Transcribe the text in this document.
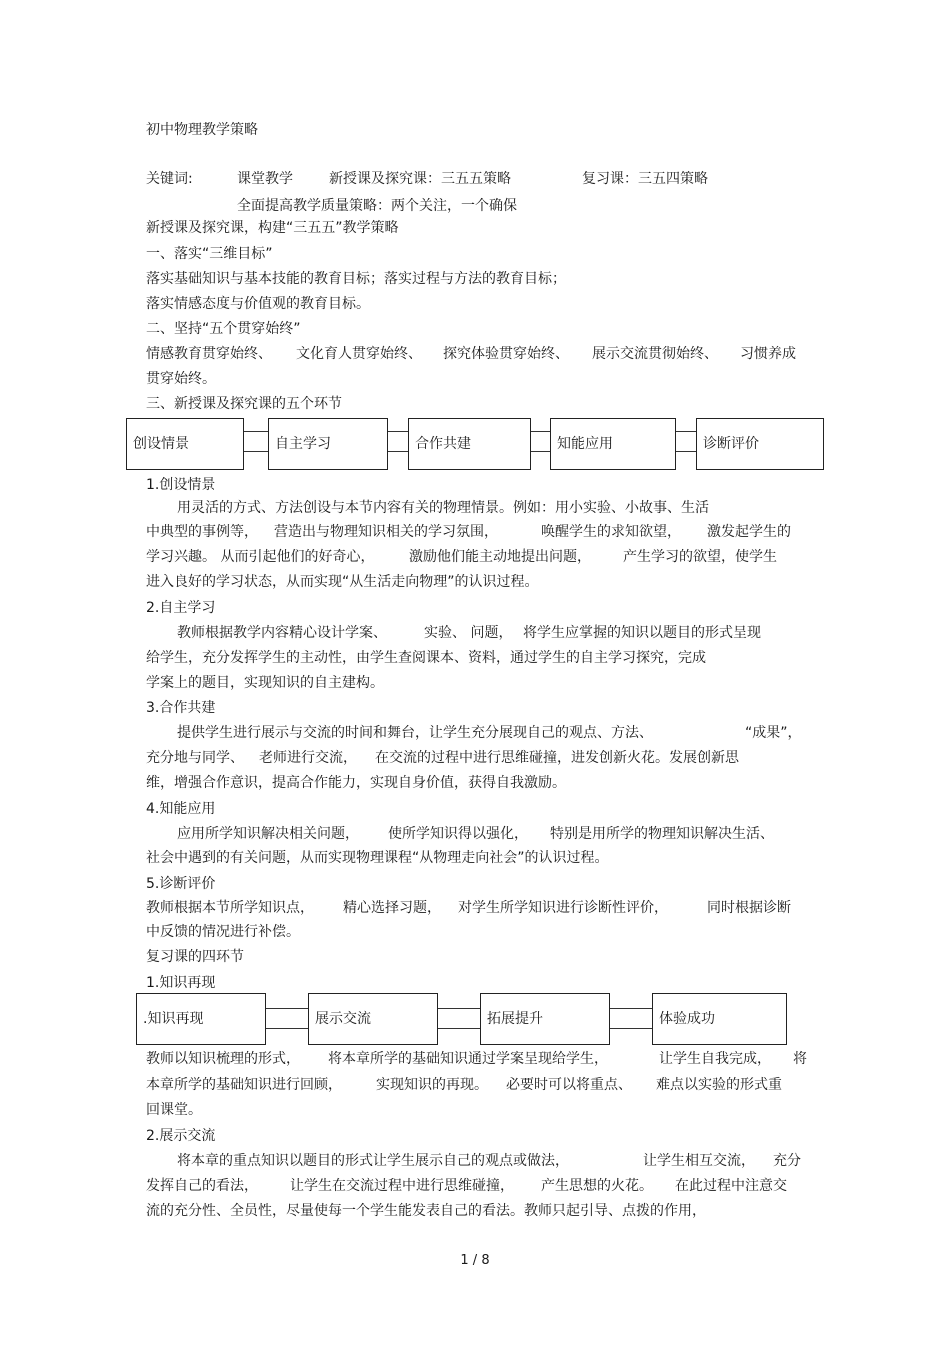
初中物理教学策略
关键词:	课堂教学	新授课及探究课：三五五策略	复习课：三五四策略
全面提高教学质量策略：两个关注，一个确保
新授课及探究课，构建“三五五”教学策略
一、落实“三维目标”
落实基础知识与基本技能的教育目标；落实过程与方法的教育目标；
落实情感态度与价值观的教育目标。
二、坚持“五个贯穿始终”
情感教育贯穿始终、 文化育人贯穿始终、 探究体验贯穿始终、 展示交流贯彻始终、 习惯养成
贯穿始终。
三、新授课及探究课的五个环节
创设情景	自主学习	合作共建	知能应用	诊断评价
1.创设情景
用灵活的方式、方法创设与本节内容有关的物理情景。例如：用小实验、小故事、生活
中典型的事例等， 营造出与物理知识相关的学习氛围，	唤醒学生的求知欲望， 激发起学生的
学习兴趣。 从而引起他们的好奇心， 激励他们能主动地提出问题， 产生学习的欲望，使学生
进入良好的学习状态，从而实现“从生活走向物理”的认识过程。
2.自主学习
教师根据教学内容精心设计学案、	实验、 问题， 将学生应掌握的知识以题目的形式呈现
给学生，充分发挥学生的主动性，由学生查阅课本、资料，通过学生的自主学习探究，完成
学案上的题目，实现知识的自主建构。
3.合作共建
提供学生进行展示与交流的时间和舞台，让学生充分展现自己的观点、方法、	“成果”，
充分地与同学、 老师进行交流， 在交流的过程中进行思维碰撞，进发创新火花。发展创新思
维，增强合作意识，提高合作能力，实现自身价值，获得自我激励。
4.知能应用
应用所学知识解决相关问题， 使所学知识得以强化， 特别是用所学的物理知识解决生活、
社会中遇到的有关问题，从而实现物理课程“从物理走向社会”的认识过程。
5.诊断评价
教师根据本节所学知识点， 精心选择习题， 对学生所学知识进行诊断性评价，	同时根据诊断
中反馈的情况进行补偿。
复习课的四环节
1.知识再现
.知识再现	展示交流	拓展提升	体验成功
教师以知识梳理的形式， 将本章所学的基础知识通过学案呈现给学生，	让学生自我完成， 将
本章所学的基础知识进行回顾， 实现知识的再现。 必要时可以将重点、 难点以实验的形式重
回课堂。
2.展示交流
将本章的重点知识以题目的形式让学生展示自己的观点或做法，	让学生相互交流， 充分
发挥自己的看法， 让学生在交流过程中进行思维碰撞， 产生思想的火花。 在此过程中注意交
流的充分性、全员性，尽量使每一个学生能发表自己的看法。教师只起引导、点拨的作用，
1 / 8
